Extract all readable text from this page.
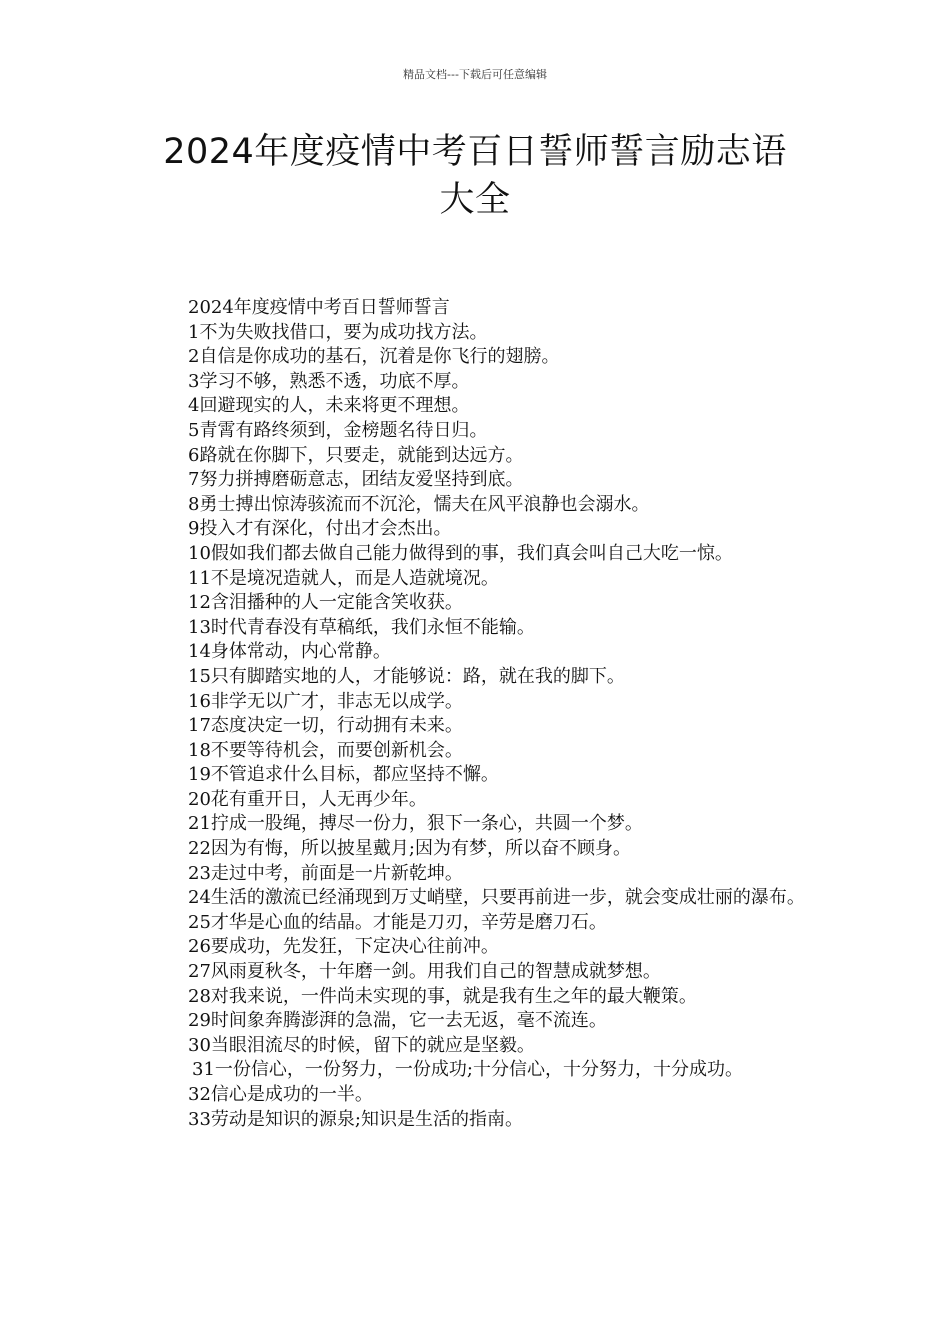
精品文档---下载后可任意编辑
2024年度疫情中考百日誓师誓言励志语
大全

2024年度疫情中考百日誓师誓言

1不为失败找借口，要为成功找方法。

2自信是你成功的基石，沉着是你飞行的翅膀。

3学习不够，熟悉不透，功底不厚。

4回避现实的人，未来将更不理想。

5青霄有路终须到，金榜题名待日归。

6路就在你脚下，只要走，就能到达远方。

7努力拼搏磨砺意志，团结友爱坚持到底。

8勇士搏出惊涛骇流而不沉沦，懦夫在风平浪静也会溺水。

9投入才有深化，付出才会杰出。

10假如我们都去做自己能力做得到的事，我们真会叫自己大吃一惊。

11不是境况造就人，而是人造就境况。

12含泪播种的人一定能含笑收获。

13时代青春没有草稿纸，我们永恒不能输。

14身体常动，内心常静。

15只有脚踏实地的人，才能够说：路，就在我的脚下。

16非学无以广才，非志无以成学。

17态度决定一切，行动拥有未来。

18不要等待机会，而要创新机会。

19不管追求什么目标，都应坚持不懈。

20花有重开日，人无再少年。

21拧成一股绳，搏尽一份力，狠下一条心，共圆一个梦。

22因为有悔，所以披星戴月;因为有梦，所以奋不顾身。

23走过中考，前面是一片新乾坤。

24生活的激流已经涌现到万丈峭壁，只要再前进一步，就会变成壮丽的瀑布。

25才华是心血的结晶。才能是刀刃，辛劳是磨刀石。

26要成功，先发狂，下定决心往前冲。

27风雨夏秋冬，十年磨一剑。用我们自己的智慧成就梦想。

28对我来说，一件尚未实现的事，就是我有生之年的最大鞭策。

29时间象奔腾澎湃的急湍，它一去无返，毫不流连。

30当眼泪流尽的时候，留下的就应是坚毅。

31一份信心，一份努力，一份成功;十分信心，十分努力，十分成功。

32信心是成功的一半。

33劳动是知识的源泉;知识是生活的指南。
